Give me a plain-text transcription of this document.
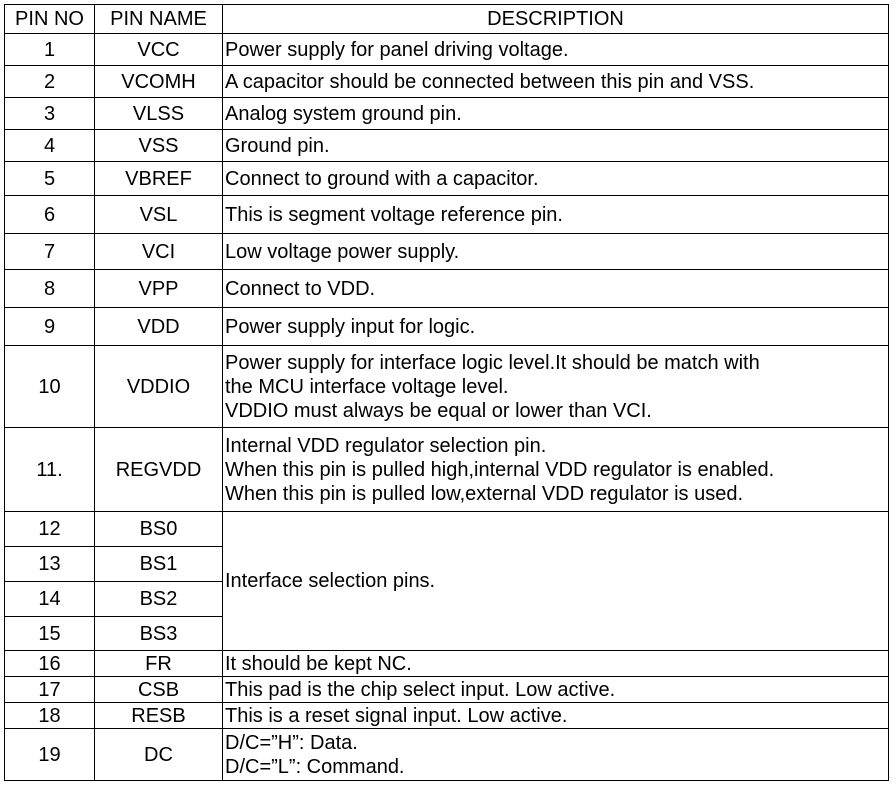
PIN NO	PIN NAME	DESCRIPTION
1	VCC	Power supply for panel driving voltage.
2	VCOMH	A capacitor should be connected between this pin and VSS.
3	VLSS	Analog system ground pin.
4	VSS	Ground pin.
5	VBREF	Connect to ground with a capacitor.
6	VSL	This is segment voltage reference pin.
7	VCI	Low voltage power supply.
8	VPP	Connect to VDD.
9	VDD	Power supply input for logic.
10	VDDIO	Power supply for interface logic level.It should be match with
the MCU interface voltage level.
VDDIO must always be equal or lower than VCI.

11.	REGVDD	Internal VDD regulator selection pin.
When this pin is pulled high,internal VDD regulator is enabled.
When this pin is pulled low,external VDD regulator is used.

12	BS0	Interface selection pins.
13	BS1	
14	BS2	
15	BS3	
16	FR	It should be kept NC.
17	CSB	This pad is the chip select input. Low active.
18	RESB	This is a reset signal input. Low active.
19	DC	D/C=”H”: Data.
D/C=”L”: Command.
